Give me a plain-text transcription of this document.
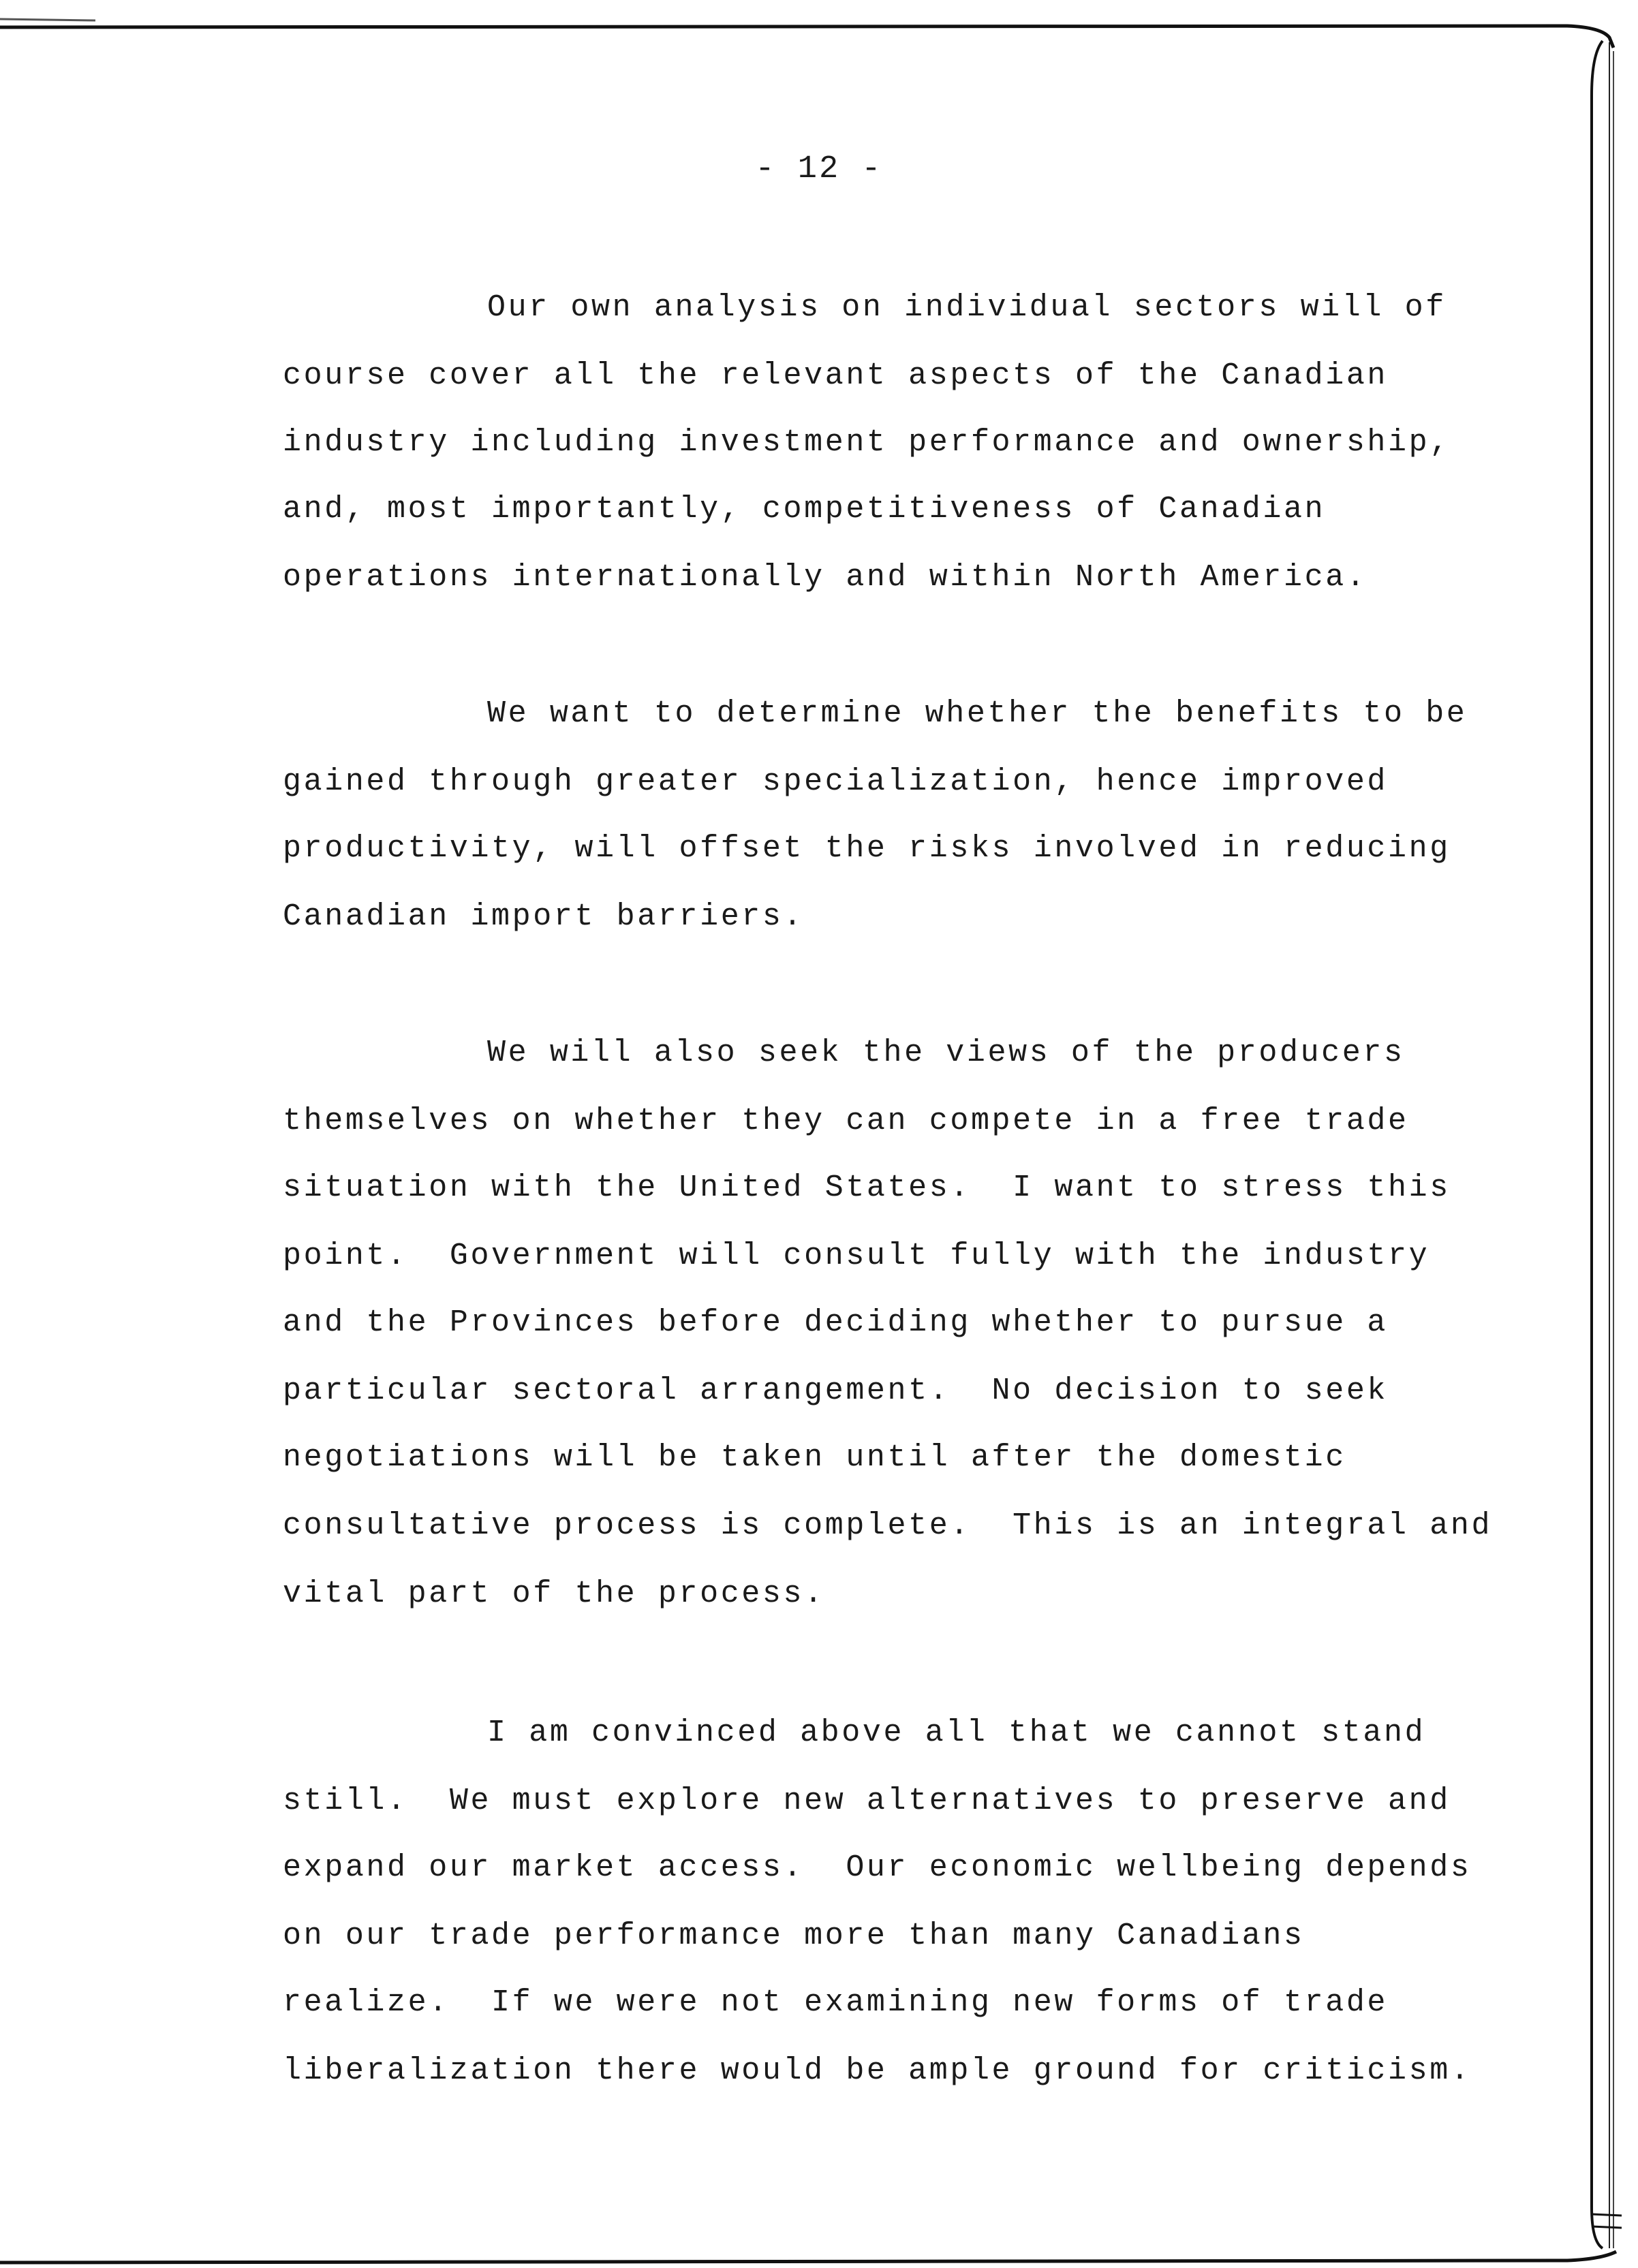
- 12 -
Our own analysis on individual sectors will of
course cover all the relevant aspects of the Canadian
industry including investment performance and ownership,
and, most importantly, competitiveness of Canadian
operations internationally and within North America.
We want to determine whether the benefits to be
gained through greater specialization, hence improved
productivity, will offset the risks involved in reducing
Canadian import barriers.
We will also seek the views of the producers
themselves on whether they can compete in a free trade
situation with the United States.  I want to stress this
point.  Government will consult fully with the industry
and the Provinces before deciding whether to pursue a
particular sectoral arrangement.  No decision to seek
negotiations will be taken until after the domestic
consultative process is complete.  This is an integral and
vital part of the process.
I am convinced above all that we cannot stand
still.  We must explore new alternatives to preserve and
expand our market access.  Our economic wellbeing depends
on our trade performance more than many Canadians
realize.  If we were not examining new forms of trade
liberalization there would be ample ground for criticism.
